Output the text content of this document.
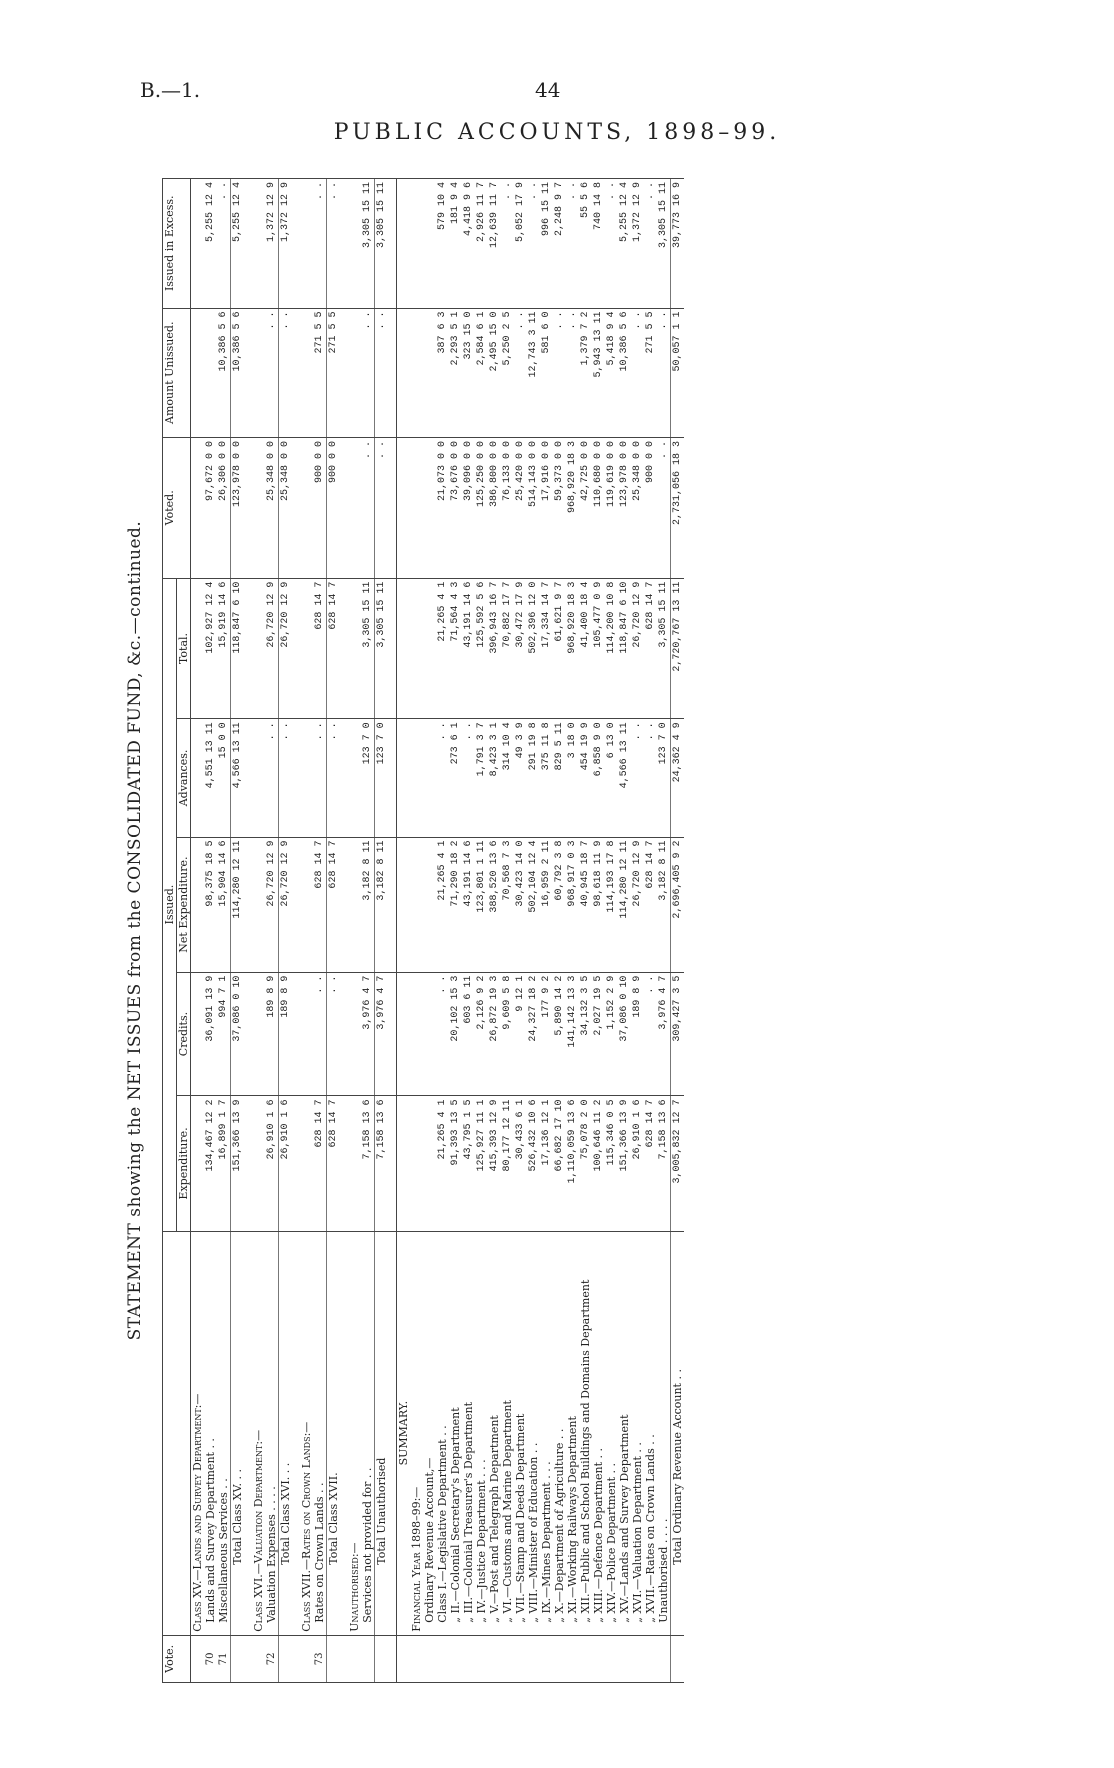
B.—1.	44
PUBLIC ACCOUNTS, 1898–99.
STATEMENT showing the NET ISSUES from the CONSOLIDATED FUND, &c.—continued.
Vote.		Issued.					Voted.	Amount Unissued.	Issued in Excess.
		Expenditure.	Credits.	Net Expenditure.	Advances.	Total.			
	Class XV.—Lands and Survey Department:—								
70	Lands and Survey Department . .	134,467 12 2	36,091 13 9	98,375 18 5	4,551 13 11	102,927 12 4	97,672 0 0		5,255 12 4
71	Miscellaneous Services . .	16,899 1 7	994 7 1	15,904 14 6	15 0 0	15,919 14 6	26,306 0 0	10,386 5 6	. .
	Total Class XV. . .	151,366 13 9	37,086 0 10	114,280 12 11	4,566 13 11	118,847 6 10	123,978 0 0	10,386 5 6	5,255 12 4

	Class XVI.—Valuation Department:—								
72	Valuation Expenses . . . .	26,910 1 6	189 8 9	26,720 12 9	. .	26,720 12 9	25,348 0 0	. .	1,372 12 9
	Total Class XVI. . .	26,910 1 6	189 8 9	26,720 12 9	. .	26,720 12 9	25,348 0 0	. .	1,372 12 9

	Class XVII.—Rates on Crown Lands:—								
73	Rates on Crown Lands . .	628 14 7	. .	628 14 7	. .	628 14 7	900 0 0	271 5 5	. .
	Total Class XVII.	628 14 7	. .	628 14 7	. .	628 14 7	900 0 0	271 5 5	. .

	Unauthorised:—								
	Services not provided for . .	7,158 13 6	3,976 4 7	3,182 8 11	123 7 0	3,305 15 11	. .	. .	3,305 15 11
	Total Unauthorised	7,158 13 6	3,976 4 7	3,182 8 11	123 7 0	3,305 15 11	. .	. .	3,305 15 11

	SUMMARY.								
	Financial Year 1898–99:—								
	Ordinary Revenue Account,—								
	Class I.—Legislative Department . .	21,265 4 1	. .	21,265 4 1	. .	21,265 4 1	21,073 0 0	387 6 3	579 10 4
	„ II.—Colonial Secretary's Department	91,393 13 5	20,102 15 3	71,290 18 2	273 6 1	71,564 4 3	73,676 0 0	2,293 5 1	181 9 4
	„ III.—Colonial Treasurer's Department	43,795 1 5	603 6 11	43,191 14 6	. .	43,191 14 6	39,096 0 0	323 15 0	4,418 9 6
	„ IV.—Justice Department . . .	125,927 11 1	2,126 9 2	123,801 1 11	1,791 3 7	125,592 5 6	125,250 0 0	2,584 6 1	2,926 11 7
	„ V.—Post and Telegraph Department	415,393 12 9	26,872 19 3	388,520 13 6	8,423 3 1	396,943 16 7	386,800 0 0	2,495 15 0	12,639 11 7
	„ VI.—Customs and Marine Department	80,177 12 11	9,609 5 8	70,568 7 3	314 10 4	70,882 17 7	76,133 0 0	5,250 2 5	. .
	„ VII.—Stamp and Deeds Department	30,433 6 1	9 12 1	30,423 14 0	49 3 9	30,472 17 9	25,420 0 0	. .	5,052 17 9
	„ VIII.—Minister of Education . .	526,432 10 6	24,327 18 2	502,104 12 4	291 19 8	502,396 12 0	514,143 0 0	12,743 3 11	. .
	„ IX.—Mines Department . . .	17,136 12 1	177 9 2	16,959 2 11	375 11 8	17,334 14 7	17,916 0 0	581 6 0	996 15 11
	„ X.—Department of Agriculture . .	66,682 17 10	5,890 14 2	60,792 3 8	829 5 11	61,621 9 7	59,373 0 0	. .	2,248 9 7
	„ XI.—Working Railways Department	1,110,059 13 6	141,142 13 3	968,917 0 3	3 18 0	968,920 18 3	968,920 18 3	. .	. .
	„ XII.—Public and School Buildings and Domains Department	75,078 2 0	34,132 3 5	40,945 18 7	454 19 9	41,400 18 4	42,725 0 0	1,379 7 2	55 5 6
	„ XIII.—Defence Department . .	100,646 11 2	2,027 19 5	98,618 11 9	6,858 9 0	105,477 0 9	110,680 0 0	5,943 13 11	740 14 8
	„ XIV.—Police Department . .	115,346 0 5	1,152 2 9	114,193 17 8	6 13 0	114,200 10 8	119,619 0 0	5,418 9 4	. .
	„ XV.—Lands and Survey Department	151,366 13 9	37,086 0 10	114,280 12 11	4,566 13 11	118,847 6 10	123,978 0 0	10,386 5 6	5,255 12 4
	„ XVI.—Valuation Department . .	26,910 1 6	189 8 9	26,720 12 9	. .	26,720 12 9	25,348 0 0	. .	1,372 12 9
	„ XVII.—Rates on Crown Lands . .	628 14 7	. .	628 14 7	. .	628 14 7	900 0 0	271 5 5	. .
	Unauthorised . . . .	7,158 13 6	3,976 4 7	3,182 8 11	123 7 0	3,305 15 11	. .	. .	3,305 15 11
	Total Ordinary Revenue Account . .	3,005,832 12 7	309,427 3 5	2,696,405 9 2	24,362 4 9	2,720,767 13 11	2,731,056 18 3	50,057 1 1	39,773 16 9
